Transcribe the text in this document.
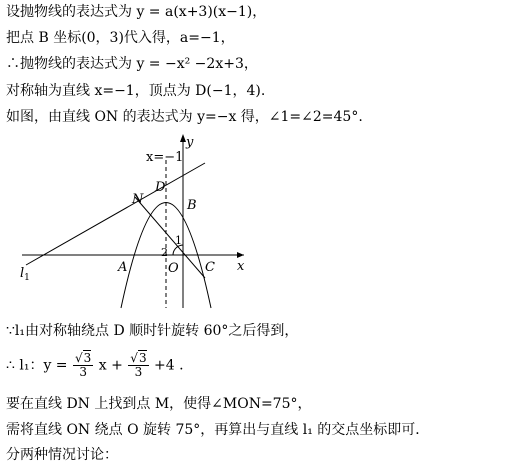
设抛物线的表达式为 y = a(x+3)(x−1)，
把点 B 坐标(0，3)代入得，a=−1，
∴抛物线的表达式为 y = −x² −2x+3，
对称轴为直线 x=−1，顶点为 D(−1，4).
如图，由直线 ON 的表达式为 y=−x 得，∠1=∠2=45°.
y
x
x=−1
D
N	B
A	O C
1
2
$l_1$
∵l₁由对称轴绕点 D 顺时针旋转 60°之后得到，
∴ l₁：$y = \frac{√3}{3}$ $x + \frac{√3}{3} +4$ .
要在直线 DN 上找到点 M，使得∠MON=75°，
需将直线 ON 绕点 O 旋转 75°，再算出与直线 l₁ 的交点坐标即可．
分两种情况讨论：
